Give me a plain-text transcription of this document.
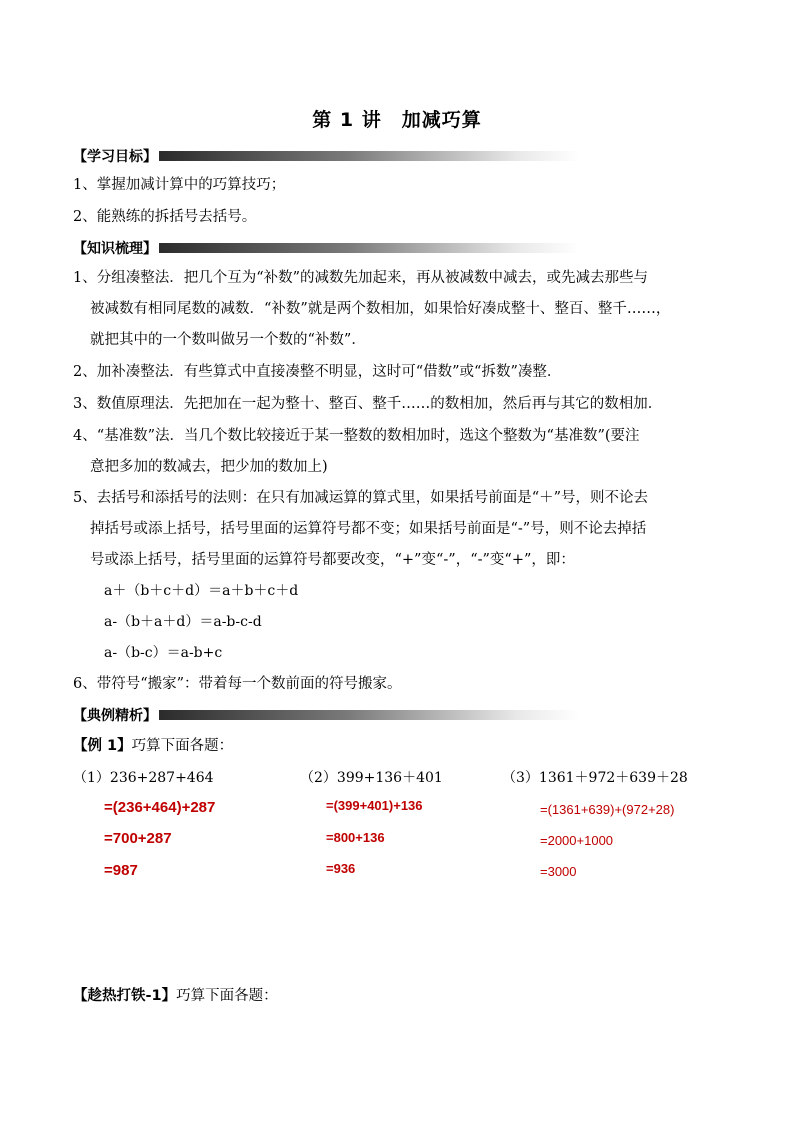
第 1 讲　加减巧算
【学习目标】
1、掌握加减计算中的巧算技巧；
2、能熟练的拆括号去括号。
【知识梳理】
1、分组凑整法．把几个互为“补数”的减数先加起来，再从被减数中减去，或先减去那些与
被减数有相同尾数的减数．“补数”就是两个数相加，如果恰好凑成整十、整百、整千……，
就把其中的一个数叫做另一个数的“补数”．
2、加补凑整法．有些算式中直接凑整不明显，这时可“借数”或“拆数”凑整．
3、数值原理法．先把加在一起为整十、整百、整千……的数相加，然后再与其它的数相加．
4、“基准数”法．当几个数比较接近于某一整数的数相加时，选这个整数为“基准数”(要注
意把多加的数减去，把少加的数加上)
5、去括号和添括号的法则：在只有加减运算的算式里，如果括号前面是“＋”号，则不论去
掉括号或添上括号，括号里面的运算符号都不变；如果括号前面是“-”号，则不论去掉括
号或添上括号，括号里面的运算符号都要改变，“+”变“-”，“-”变“+”，即：
a＋（b＋c＋d）＝a＋b＋c＋d
a-（b＋a＋d）＝a-b-c-d
a-（b-c）＝a-b+c
6、带符号“搬家”：带着每一个数前面的符号搬家。
【典例精析】
【例 1】巧算下面各题：
（1）236+287+464	（2）399+136＋401	（3）1361＋972＋639＋28
=(236+464)+287
=700+287
=987
=(399+401)+136
=800+136
=936
=(1361+639)+(972+28)
=2000+1000
=3000
【趁热打铁-1】巧算下面各题：
